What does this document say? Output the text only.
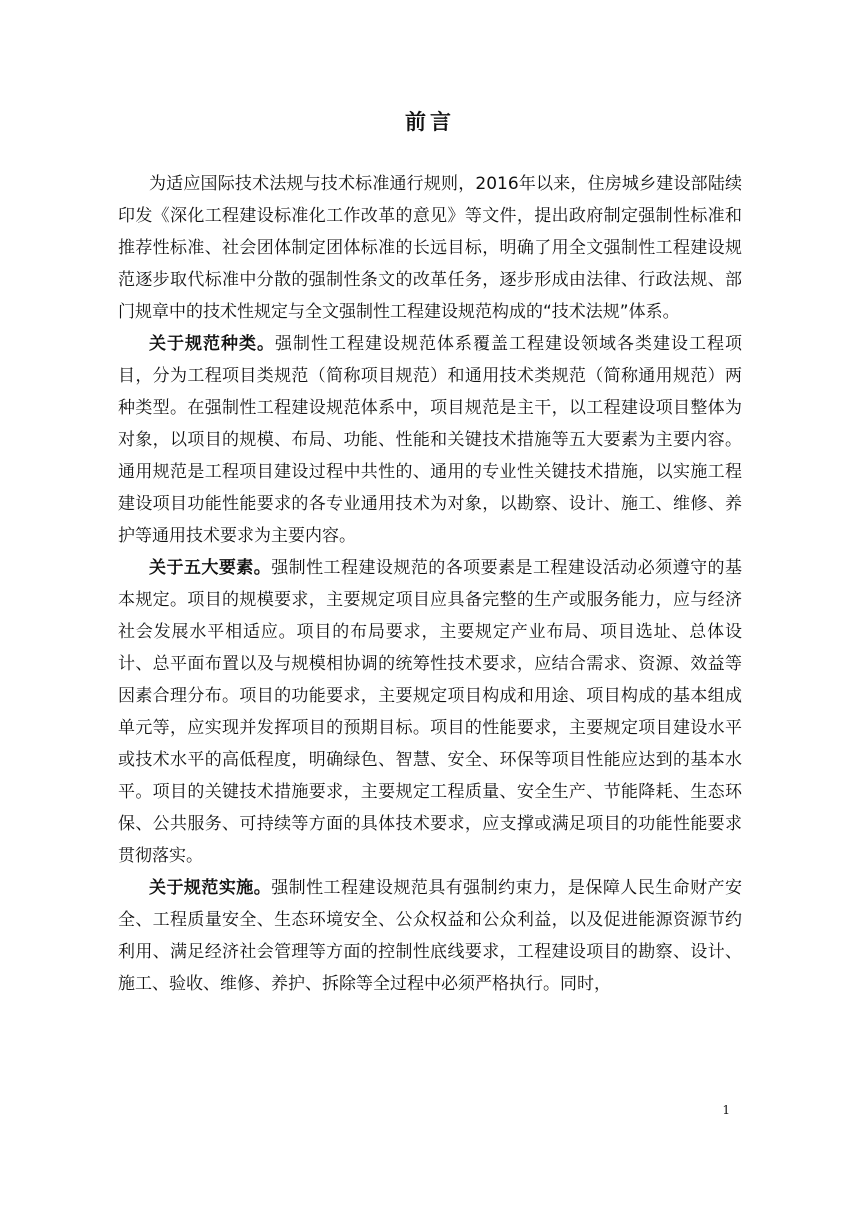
前言

为适应国际技术法规与技术标准通行规则，2016年以来，住房城乡建设部陆续印发《深化工程建设标准化工作改革的意见》等文件，提出政府制定强制性标准和推荐性标准、社会团体制定团体标准的长远目标，明确了用全文强制性工程建设规范逐步取代标准中分散的强制性条文的改革任务，逐步形成由法律、行政法规、部门规章中的技术性规定与全文强制性工程建设规范构成的“技术法规”体系。

关于规范种类。强制性工程建设规范体系覆盖工程建设领域各类建设工程项目，分为工程项目类规范（简称项目规范）和通用技术类规范（简称通用规范）两种类型。在强制性工程建设规范体系中，项目规范是主干，以工程建设项目整体为对象，以项目的规模、布局、功能、性能和关键技术措施等五大要素为主要内容。通用规范是工程项目建设过程中共性的、通用的专业性关键技术措施，以实施工程建设项目功能性能要求的各专业通用技术为对象，以勘察、设计、施工、维修、养护等通用技术要求为主要内容。

关于五大要素。强制性工程建设规范的各项要素是工程建设活动必须遵守的基本规定。项目的规模要求，主要规定项目应具备完整的生产或服务能力，应与经济社会发展水平相适应。项目的布局要求，主要规定产业布局、项目选址、总体设计、总平面布置以及与规模相协调的统筹性技术要求，应结合需求、资源、效益等因素合理分布。项目的功能要求，主要规定项目构成和用途、项目构成的基本组成单元等，应实现并发挥项目的预期目标。项目的性能要求，主要规定项目建设水平或技术水平的高低程度，明确绿色、智慧、安全、环保等项目性能应达到的基本水平。项目的关键技术措施要求，主要规定工程质量、安全生产、节能降耗、生态环保、公共服务、可持续等方面的具体技术要求，应支撑或满足项目的功能性能要求贯彻落实。

关于规范实施。强制性工程建设规范具有强制约束力，是保障人民生命财产安全、工程质量安全、生态环境安全、公众权益和公众利益，以及促进能源资源节约利用、满足经济社会管理等方面的控制性底线要求，工程建设项目的勘察、设计、施工、验收、维修、养护、拆除等全过程中必须严格执行。同时，

1
